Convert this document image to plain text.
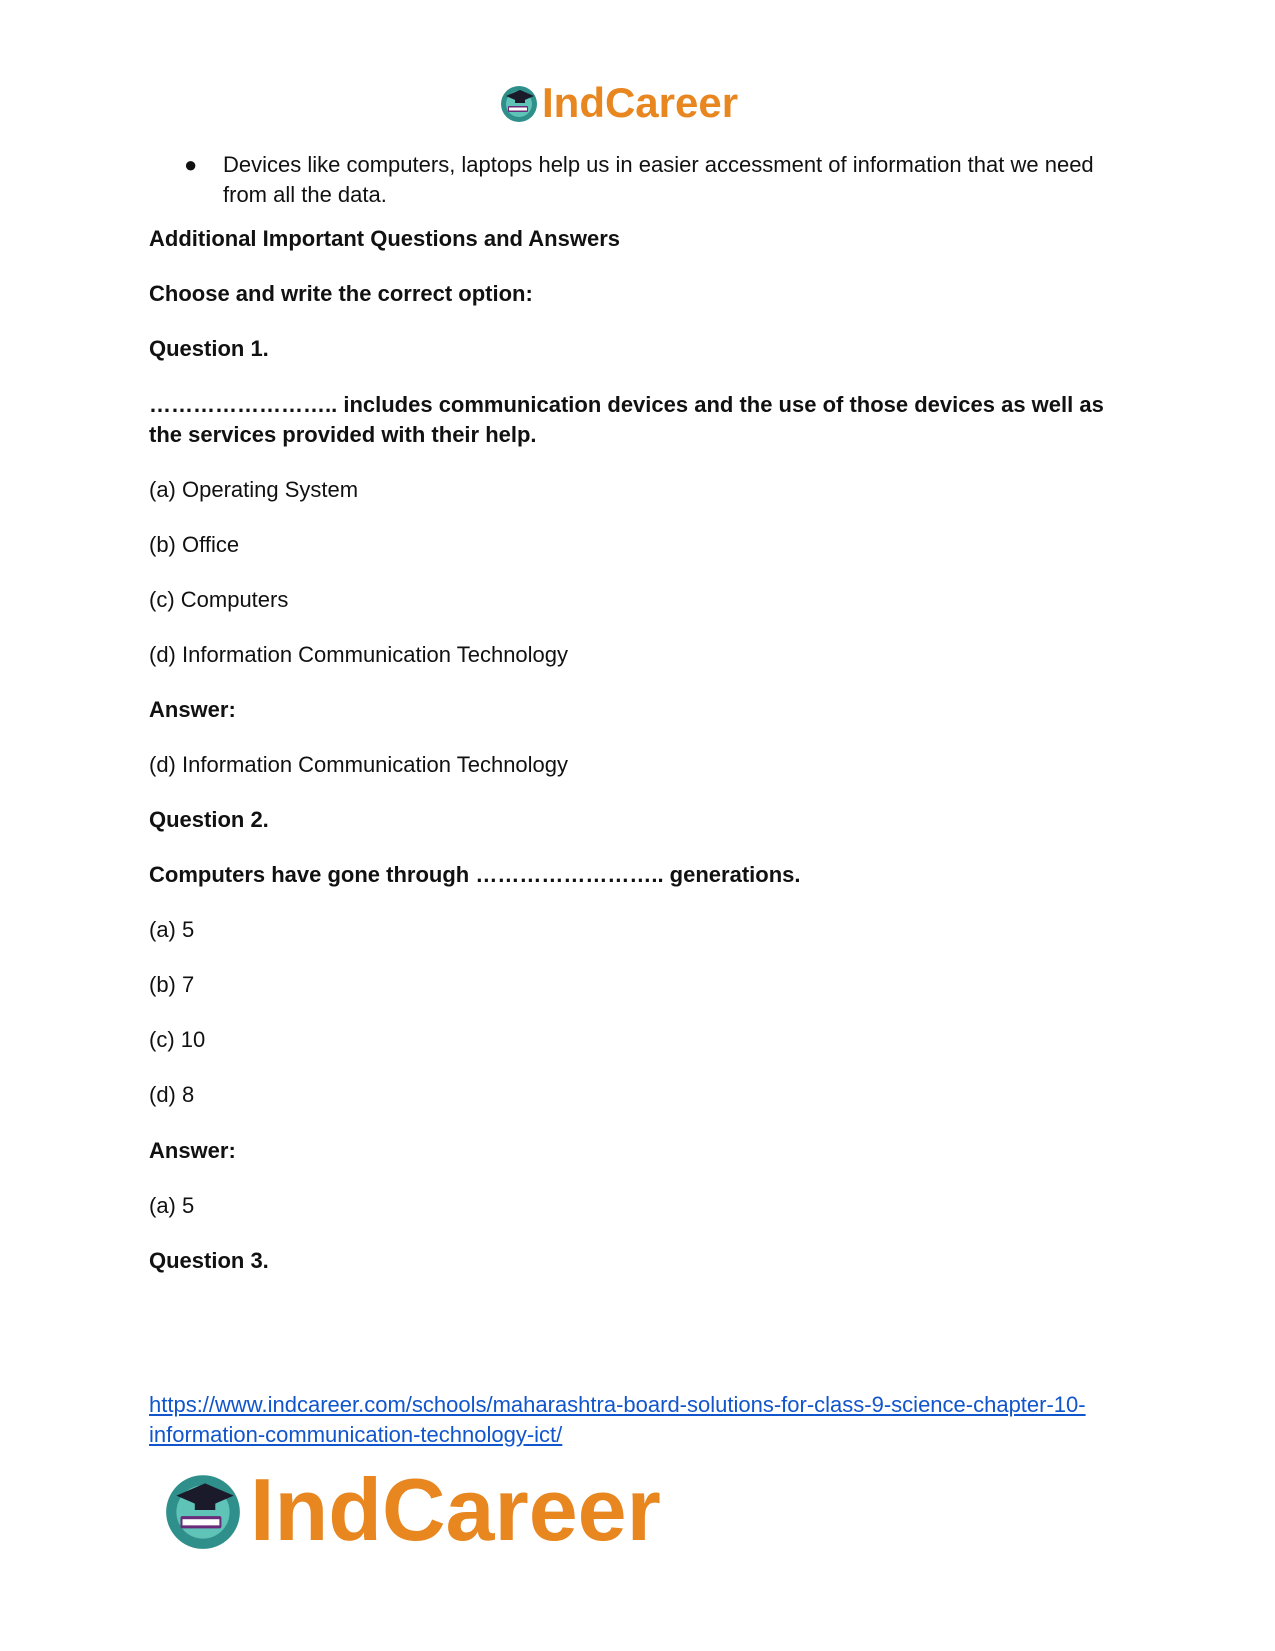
IndCareer
● Devices like computers, laptops help us in easier accessment of information that we need from all the data.

Additional Important Questions and Answers

Choose and write the correct option:

Question 1.

…………………….. includes communication devices and the use of those devices as well as the services provided with their help.

(a) Operating System

(b) Office

(c) Computers

(d) Information Communication Technology

Answer:

(d) Information Communication Technology

Question 2.

Computers have gone through …………………….. generations.

(a) 5

(b) 7

(c) 10

(d) 8

Answer:

(a) 5

Question 3.

https://www.indcareer.com/schools/maharashtra-board-solutions-for-class-9-science-chapter-10-information-communication-technology-ict/
IndCareer
